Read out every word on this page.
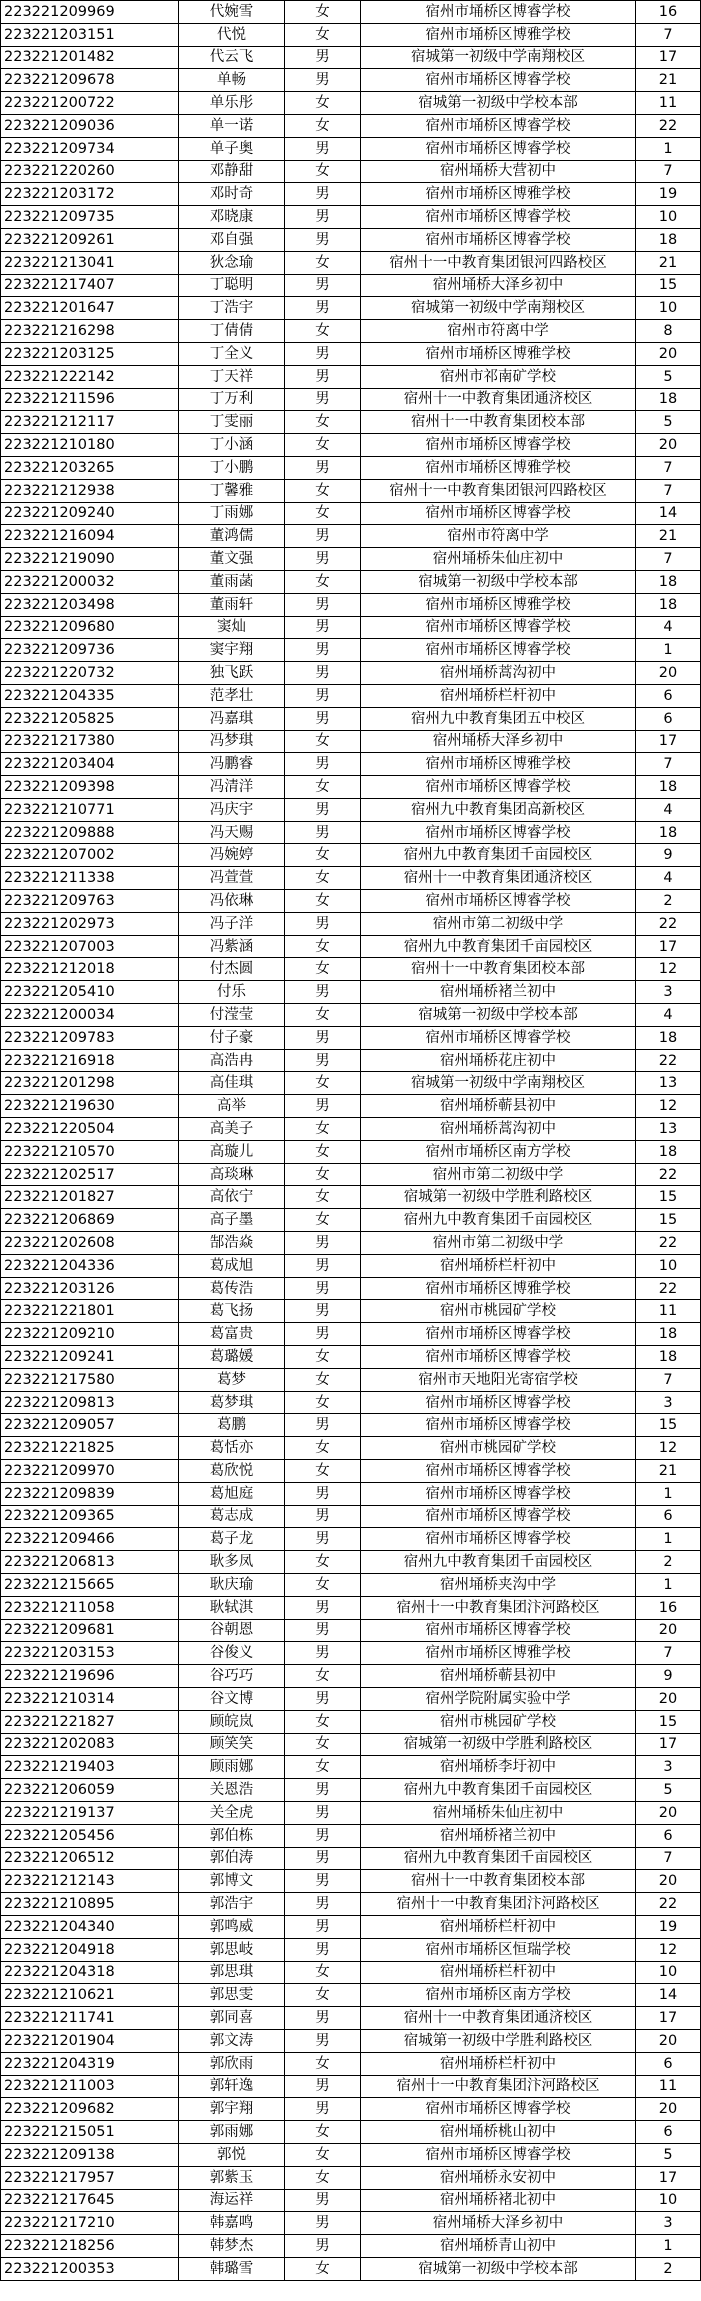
223221209969	代婉雪	女	宿州市埇桥区博睿学校	16
223221203151	代悦	女	宿州市埇桥区博雅学校	7
223221201482	代云飞	男	宿城第一初级中学南翔校区	17
223221209678	单畅	男	宿州市埇桥区博睿学校	21
223221200722	单乐彤	女	宿城第一初级中学校本部	11
223221209036	单一诺	女	宿州市埇桥区博睿学校	22
223221209734	单子奥	男	宿州市埇桥区博睿学校	1
223221220260	邓静甜	女	宿州埇桥大营初中	7
223221203172	邓时奇	男	宿州市埇桥区博雅学校	19
223221209735	邓晓康	男	宿州市埇桥区博睿学校	10
223221209261	邓自强	男	宿州市埇桥区博睿学校	18
223221213041	狄念瑜	女	宿州十一中教育集团银河四路校区	21
223221217407	丁聪明	男	宿州埇桥大泽乡初中	15
223221201647	丁浩宇	男	宿城第一初级中学南翔校区	10
223221216298	丁倩倩	女	宿州市符离中学	8
223221203125	丁全义	男	宿州市埇桥区博雅学校	20
223221222142	丁天祥	男	宿州市祁南矿学校	5
223221211596	丁万利	男	宿州十一中教育集团通济校区	18
223221212117	丁雯丽	女	宿州十一中教育集团校本部	5
223221210180	丁小涵	女	宿州市埇桥区博睿学校	20
223221203265	丁小鹏	男	宿州市埇桥区博雅学校	7
223221212938	丁馨雅	女	宿州十一中教育集团银河四路校区	7
223221209240	丁雨娜	女	宿州市埇桥区博睿学校	14
223221216094	董鸿儒	男	宿州市符离中学	21
223221219090	董文强	男	宿州埇桥朱仙庄初中	7
223221200032	董雨菡	女	宿城第一初级中学校本部	18
223221203498	董雨轩	男	宿州市埇桥区博雅学校	18
223221209680	窦灿	男	宿州市埇桥区博睿学校	4
223221209736	窦宇翔	男	宿州市埇桥区博睿学校	1
223221220732	独飞跃	男	宿州埇桥蒿沟初中	20
223221204335	范孝壮	男	宿州埇桥栏杆初中	6
223221205825	冯嘉琪	男	宿州九中教育集团五中校区	6
223221217380	冯梦琪	女	宿州埇桥大泽乡初中	17
223221203404	冯鹏睿	男	宿州市埇桥区博雅学校	7
223221209398	冯清洋	女	宿州市埇桥区博睿学校	18
223221210771	冯庆宇	男	宿州九中教育集团高新校区	4
223221209888	冯天赐	男	宿州市埇桥区博睿学校	18
223221207002	冯婉婷	女	宿州九中教育集团千亩园校区	9
223221211338	冯萱萱	女	宿州十一中教育集团通济校区	4
223221209763	冯依琳	女	宿州市埇桥区博睿学校	2
223221202973	冯子洋	男	宿州市第二初级中学	22
223221207003	冯紫涵	女	宿州九中教育集团千亩园校区	17
223221212018	付杰圆	女	宿州十一中教育集团校本部	12
223221205410	付乐	男	宿州埇桥褚兰初中	3
223221200034	付滢莹	女	宿城第一初级中学校本部	4
223221209783	付子豪	男	宿州市埇桥区博睿学校	18
223221216918	高浩冉	男	宿州埇桥花庄初中	22
223221201298	高佳琪	女	宿城第一初级中学南翔校区	13
223221219630	高举	男	宿州埇桥蕲县初中	12
223221220504	高美子	女	宿州埇桥蒿沟初中	13
223221210570	高璇儿	女	宿州市埇桥区南方学校	18
223221202517	高琰琳	女	宿州市第二初级中学	22
223221201827	高依宁	女	宿城第一初级中学胜利路校区	15
223221206869	高子墨	女	宿州九中教育集团千亩园校区	15
223221202608	郜浩焱	男	宿州市第二初级中学	22
223221204336	葛成旭	男	宿州埇桥栏杆初中	10
223221203126	葛传浩	男	宿州市埇桥区博雅学校	22
223221221801	葛飞扬	男	宿州市桃园矿学校	11
223221209210	葛富贵	男	宿州市埇桥区博睿学校	18
223221209241	葛璐媛	女	宿州市埇桥区博睿学校	18
223221217580	葛梦	女	宿州市天地阳光寄宿学校	7
223221209813	葛梦琪	女	宿州市埇桥区博睿学校	3
223221209057	葛鹏	男	宿州市埇桥区博睿学校	15
223221221825	葛恬亦	女	宿州市桃园矿学校	12
223221209970	葛欣悦	女	宿州市埇桥区博睿学校	21
223221209839	葛旭庭	男	宿州市埇桥区博睿学校	1
223221209365	葛志成	男	宿州市埇桥区博睿学校	6
223221209466	葛子龙	男	宿州市埇桥区博睿学校	1
223221206813	耿多凤	女	宿州九中教育集团千亩园校区	2
223221215665	耿庆瑜	女	宿州埇桥夹沟中学	1
223221211058	耿轼淇	男	宿州十一中教育集团汴河路校区	16
223221209681	谷朝恩	男	宿州市埇桥区博睿学校	20
223221203153	谷俊义	男	宿州市埇桥区博雅学校	7
223221219696	谷巧巧	女	宿州埇桥蕲县初中	9
223221210314	谷文博	男	宿州学院附属实验中学	20
223221221827	顾皖岚	女	宿州市桃园矿学校	15
223221202083	顾笑笑	女	宿城第一初级中学胜利路校区	17
223221219403	顾雨娜	女	宿州埇桥李圩初中	3
223221206059	关恩浩	男	宿州九中教育集团千亩园校区	5
223221219137	关全虎	男	宿州埇桥朱仙庄初中	20
223221205456	郭伯栋	男	宿州埇桥褚兰初中	6
223221206512	郭伯涛	男	宿州九中教育集团千亩园校区	7
223221212143	郭博文	男	宿州十一中教育集团校本部	20
223221210895	郭浩宇	男	宿州十一中教育集团汴河路校区	22
223221204340	郭鸣威	男	宿州埇桥栏杆初中	19
223221204918	郭思岐	男	宿州市埇桥区恒瑞学校	12
223221204318	郭思琪	女	宿州埇桥栏杆初中	10
223221210621	郭思雯	女	宿州市埇桥区南方学校	14
223221211741	郭同喜	男	宿州十一中教育集团通济校区	17
223221201904	郭文涛	男	宿城第一初级中学胜利路校区	20
223221204319	郭欣雨	女	宿州埇桥栏杆初中	6
223221211003	郭轩逸	男	宿州十一中教育集团汴河路校区	11
223221209682	郭宇翔	男	宿州市埇桥区博睿学校	20
223221215051	郭雨娜	女	宿州埇桥桃山初中	6
223221209138	郭悦	女	宿州市埇桥区博睿学校	5
223221217957	郭紫玉	女	宿州埇桥永安初中	17
223221217645	海运祥	男	宿州埇桥褚北初中	10
223221217210	韩嘉鸣	男	宿州埇桥大泽乡初中	3
223221218256	韩梦杰	男	宿州埇桥青山初中	1
223221200353	韩璐雪	女	宿城第一初级中学校本部	2
